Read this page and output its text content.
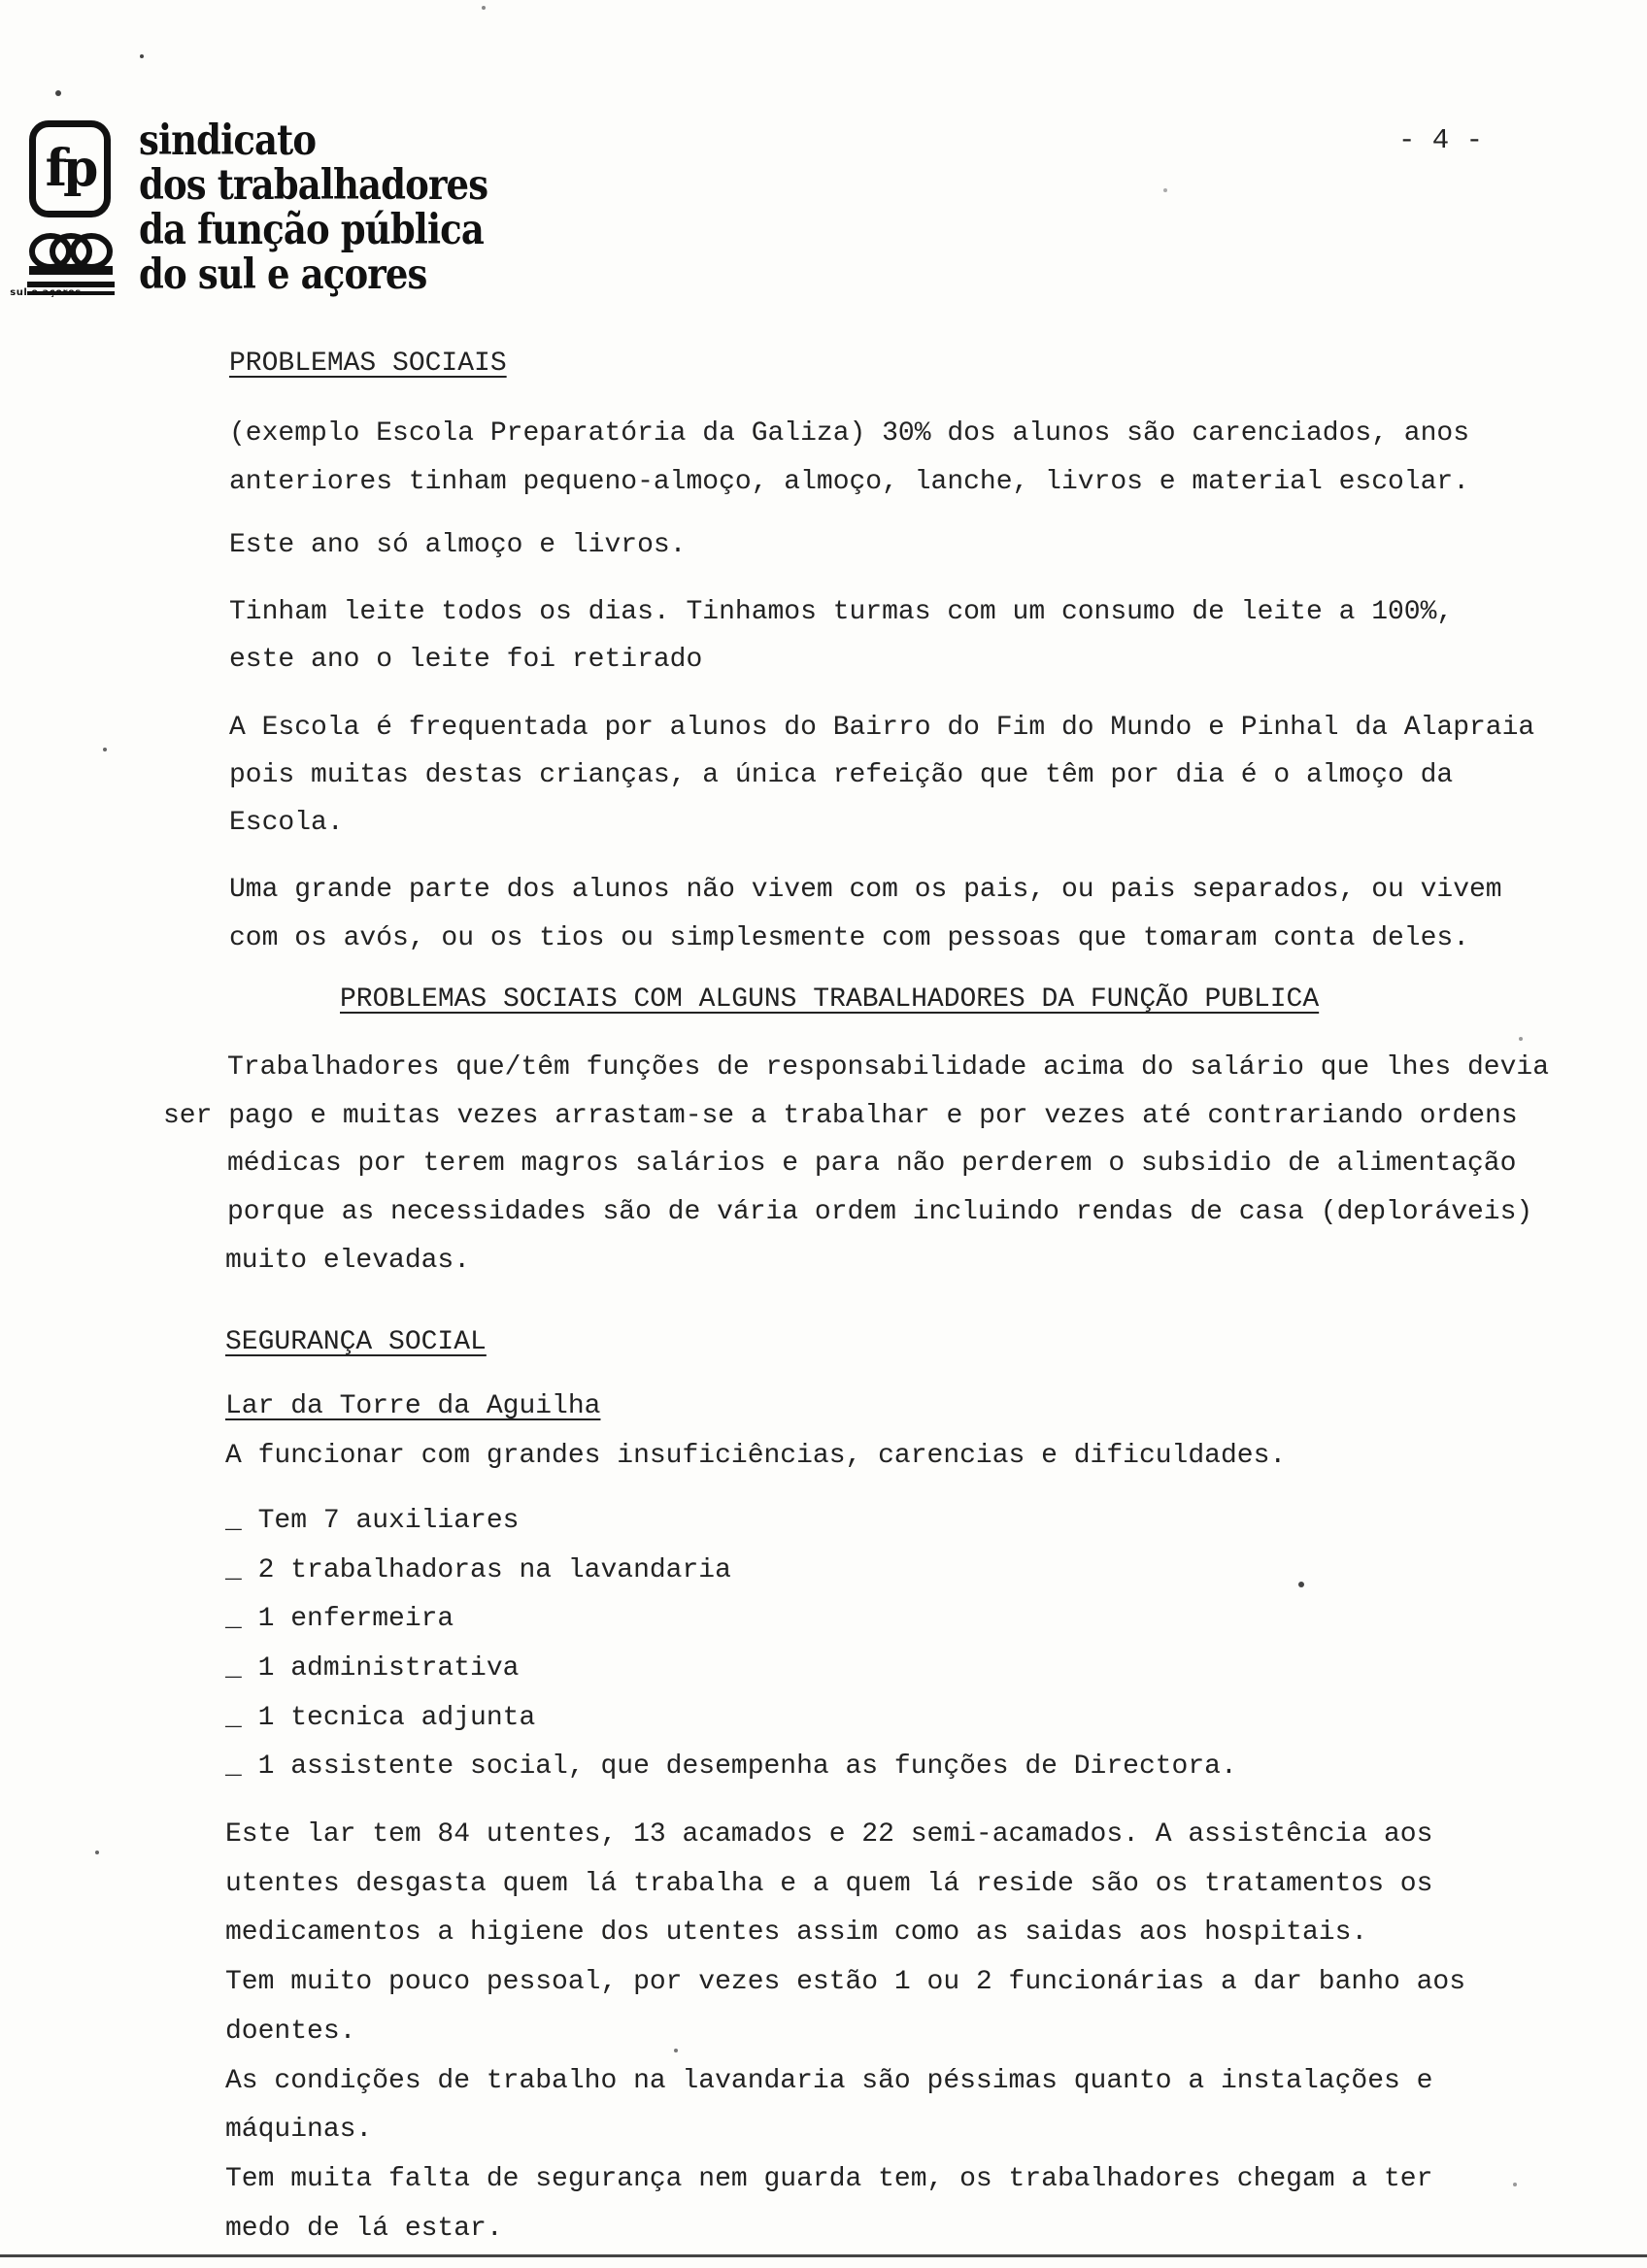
fp
sul e açores
sindicato
dos trabalhadores
da função pública
do sul e açores
- 4 -
PROBLEMAS SOCIAIS
(exemplo Escola Preparatória da Galiza) 30% dos alunos são carenciados, anos
anteriores tinham pequeno-almoço, almoço, lanche, livros e material escolar.
Este ano só almoço e livros.
Tinham leite todos os dias. Tinhamos turmas com um consumo de leite a 100%,
este ano o leite foi retirado
A Escola é frequentada por alunos do Bairro do Fim do Mundo e Pinhal da Alapraia
pois muitas destas crianças, a única refeição que têm por dia é o almoço da
Escola.
Uma grande parte dos alunos não vivem com os pais, ou pais separados, ou vivem
com os avós, ou os tios ou simplesmente com pessoas que tomaram conta deles.
PROBLEMAS SOCIAIS COM ALGUNS TRABALHADORES DA FUNÇÃO PUBLICA
Trabalhadores que/têm funções de responsabilidade acima do salário que lhes devia
ser pago e muitas vezes arrastam-se a trabalhar e por vezes até contrariando ordens
médicas por terem magros salários e para não perderem o subsidio de alimentação
porque as necessidades são de vária ordem incluindo rendas de casa (deploráveis)
muito elevadas.
SEGURANÇA SOCIAL
Lar da Torre da Aguilha
A funcionar com grandes insuficiências, carencias e dificuldades.
_ Tem 7 auxiliares
_ 2 trabalhadoras na lavandaria
_ 1 enfermeira
_ 1 administrativa
_ 1 tecnica adjunta
_ 1 assistente social, que desempenha as funções de Directora.
Este lar tem 84 utentes, 13 acamados e 22 semi-acamados. A assistência aos
utentes desgasta quem lá trabalha e a quem lá reside são os tratamentos os
medicamentos a higiene dos utentes assim como as saidas aos hospitais.
Tem muito pouco pessoal, por vezes estão 1 ou 2 funcionárias a dar banho aos
doentes.
As condições de trabalho na lavandaria são péssimas quanto a instalações e
máquinas.
Tem muita falta de segurança nem guarda tem, os trabalhadores chegam a ter
medo de lá estar.
